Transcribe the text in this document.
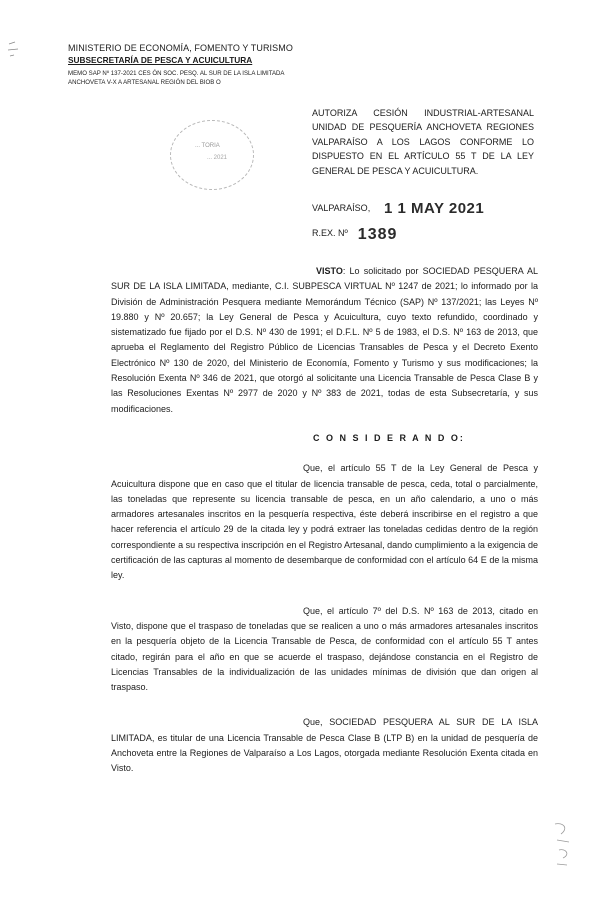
MINISTERIO DE ECONOMÍA, FOMENTO Y TURISMO
SUBSECRETARÍA DE PESCA Y ACUICULTURA
MEMO SAP Nº 137-2021 CES ÓN SOC. PESQ. AL SUR DE LA ISLA LIMITADA
ANCHOVETA V-X A ARTESANAL REGIÓN DEL BIOB O
... TORIA
... 2021
AUTORIZA CESIÓN INDUSTRIAL-ARTESANAL UNIDAD DE PESQUERÍA ANCHOVETA REGIONES VALPARAÍSO A LOS LAGOS CONFORME LO DISPUESTO EN EL ARTÍCULO 55 T DE LA LEY GENERAL DE PESCA Y ACUICULTURA.
VALPARAÍSO, 1 1 MAY 2021
R.EX. Nº 1389

VISTO: Lo solicitado por SOCIEDAD PESQUERA AL SUR DE LA ISLA LIMITADA, mediante, C.I. SUBPESCA VIRTUAL Nº 1247 de 2021; lo informado por la División de Administración Pesquera mediante Memorándum Técnico (SAP) Nº 137/2021; las Leyes Nº 19.880 y Nº 20.657; la Ley General de Pesca y Acuicultura, cuyo texto refundido, coordinado y sistematizado fue fijado por el D.S. Nº 430 de 1991; el D.F.L. Nº 5 de 1983, el D.S. Nº 163 de 2013, que aprueba el Reglamento del Registro Público de Licencias Transables de Pesca y el Decreto Exento Electrónico Nº 130 de 2020, del Ministerio de Economía, Fomento y Turismo y sus modificaciones; la Resolución Exenta Nº 346 de 2021, que otorgó al solicitante una Licencia Transable de Pesca Clase B y las Resoluciones Exentas Nº 2977 de 2020 y Nº 383 de 2021, todas de esta Subsecretaría, y sus modificaciones.

C O N S I D E R A N D O:

Que, el artículo 55 T de la Ley General de Pesca y Acuicultura dispone que en caso que el titular de licencia transable de pesca, ceda, total o parcialmente, las toneladas que represente su licencia transable de pesca, en un año calendario, a uno o más armadores artesanales inscritos en la pesquería respectiva, éste deberá inscribirse en el registro a que hacer referencia el artículo 29 de la citada ley y podrá extraer las toneladas cedidas dentro de la región correspondiente a su respectiva inscripción en el Registro Artesanal, dando cumplimiento a la exigencia de certificación de las capturas al momento de desembarque de conformidad con el artículo 64 E de la misma ley.

Que, el artículo 7º del D.S. Nº 163 de 2013, citado en Visto, dispone que el traspaso de toneladas que se realicen a uno o más armadores artesanales inscritos en la pesquería objeto de la Licencia Transable de Pesca, de conformidad con el artículo 55 T antes citado, regirán para el año en que se acuerde el traspaso, dejándose constancia en el Registro de Licencias Transables de la individualización de las unidades mínimas de división que dan origen al traspaso.

Que, SOCIEDAD PESQUERA AL SUR DE LA ISLA LIMITADA, es titular de una Licencia Transable de Pesca Clase B (LTP B) en la unidad de pesquería de Anchoveta entre la Regiones de Valparaíso a Los Lagos, otorgada mediante Resolución Exenta citada en Visto.
